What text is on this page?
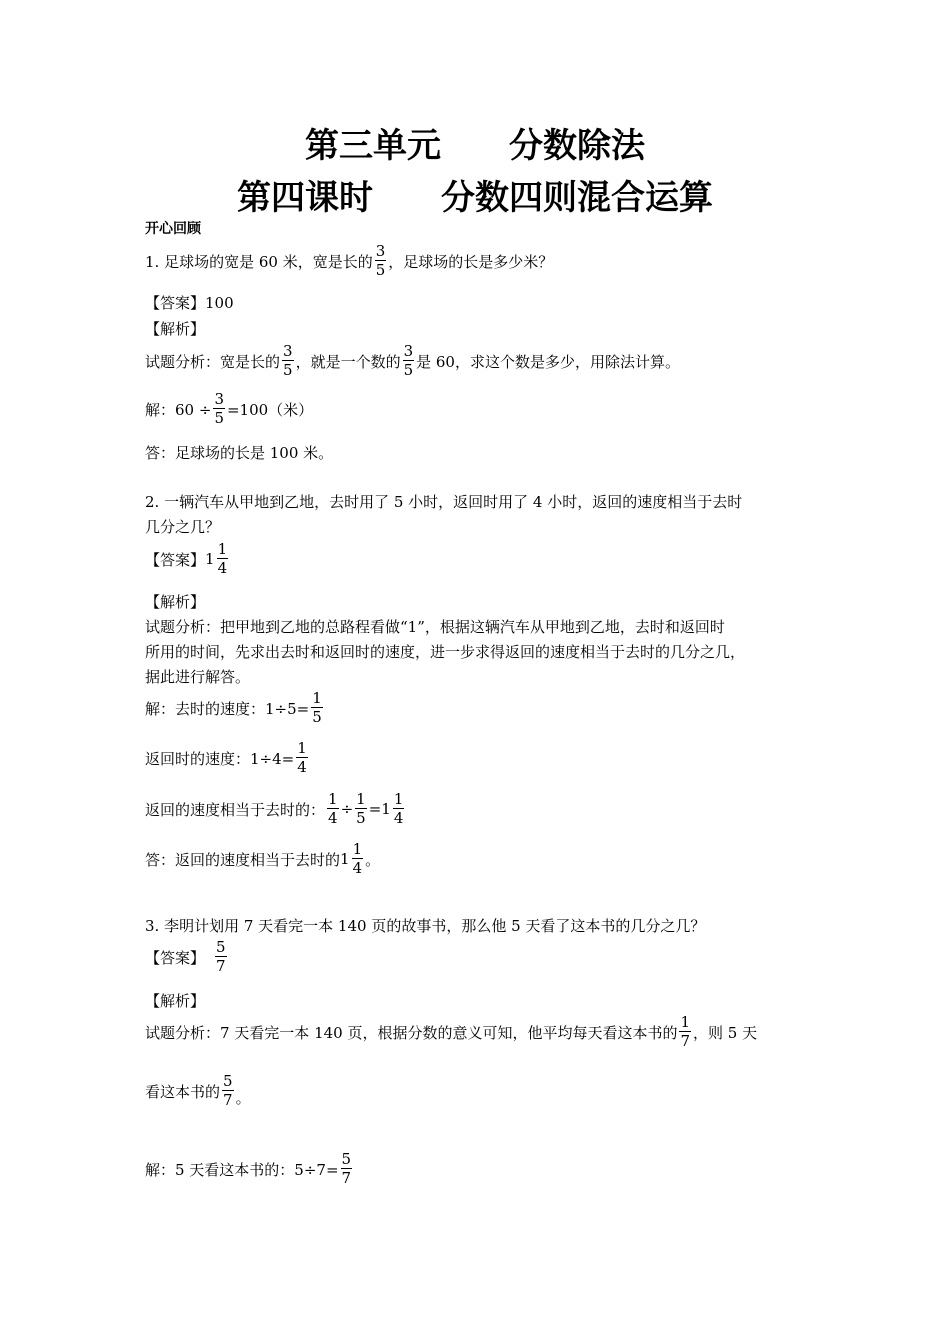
第三单元　　分数除法
第四课时　　分数四则混合运算
开心回顾
1. 足球场的宽是 60 米，宽是长的 $\frac{3}{5}$ ，足球场的长是多少米？
【答案】100
【解析】
试题分析：宽是长的 $\frac{3}{5}$ ，就是一个数的 $\frac{3}{5}$ 是 60，求这个数是多少，用除法计算。
解：$60 \div \frac{3}{5} =100$（米）
答：足球场的长是 100 米。
2. 一辆汽车从甲地到乙地，去时用了 5 小时，返回时用了 4 小时，返回的速度相当于去时
几分之几？
【答案】 $1 \frac{1}{4}$
【解析】
试题分析：把甲地到乙地的总路程看做“1”，根据这辆汽车从甲地到乙地，去时和返回时
所用的时间，先求出去时和返回时的速度，进一步求得返回的速度相当于去时的几分之几，
据此进行解答。
解：去时的速度：$1\div 5= \frac{1}{5}$
返回时的速度：$1\div 4= \frac{1}{4}$
返回的速度相当于去时的： $\frac{1}{4} \div \frac{1}{5} =1 \frac{1}{4}$
答：返回的速度相当于去时的 $1 \frac{1}{4}$ 。
3. 李明计划用 7 天看完一本 140 页的故事书，那么他 5 天看了这本书的几分之几？
【答案】 $\frac{5}{7}$
【解析】
试题分析：7 天看完一本 140 页，根据分数的意义可知，他平均每天看这本书的 $\frac{1}{7}$ ，则 5 天
看这本书的 $\frac{5}{7}$ 。
解：5 天看这本书的：$5\div 7= \frac{5}{7}$
